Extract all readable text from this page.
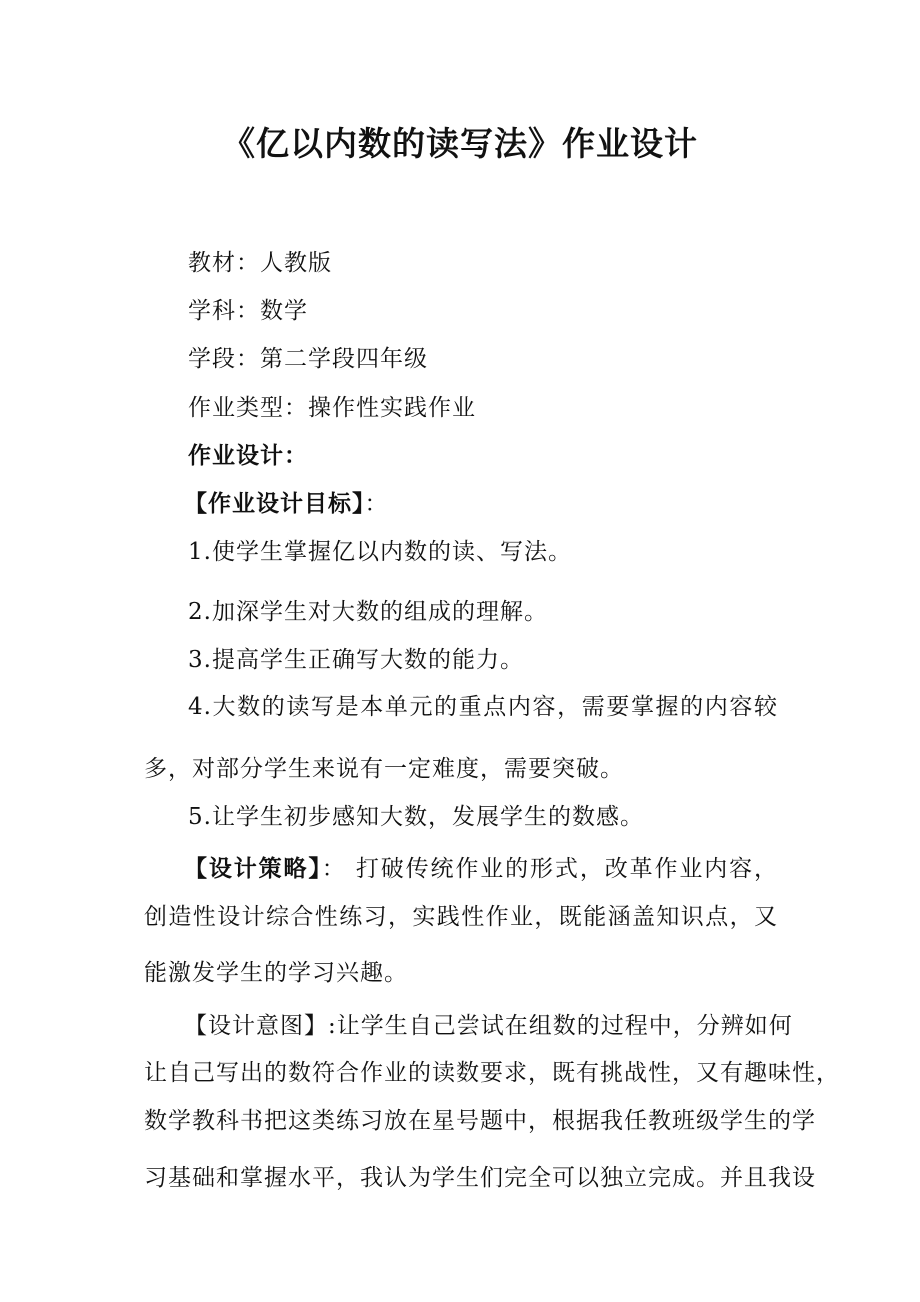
《亿以内数的读写法》作业设计
教材：人教版
学科：数学
学段：第二学段四年级
作业类型：操作性实践作业
作业设计：
【作业设计目标】：
1.使学生掌握亿以内数的读、写法。
2.加深学生对大数的组成的理解。
3.提高学生正确写大数的能力。
4.大数的读写是本单元的重点内容，需要掌握的内容较
多，对部分学生来说有一定难度，需要突破。
5.让学生初步感知大数，发展学生的数感。
【设计策略】： 打破传统作业的形式，改革作业内容，
创造性设计综合性练习，实践性作业，既能涵盖知识点，又
能激发学生的学习兴趣。
【设计意图】:让学生自己尝试在组数的过程中，分辨如何
让自己写出的数符合作业的读数要求，既有挑战性，又有趣味性，
数学教科书把这类练习放在星号题中，根据我任教班级学生的学
习基础和掌握水平，我认为学生们完全可以独立完成。并且我设
